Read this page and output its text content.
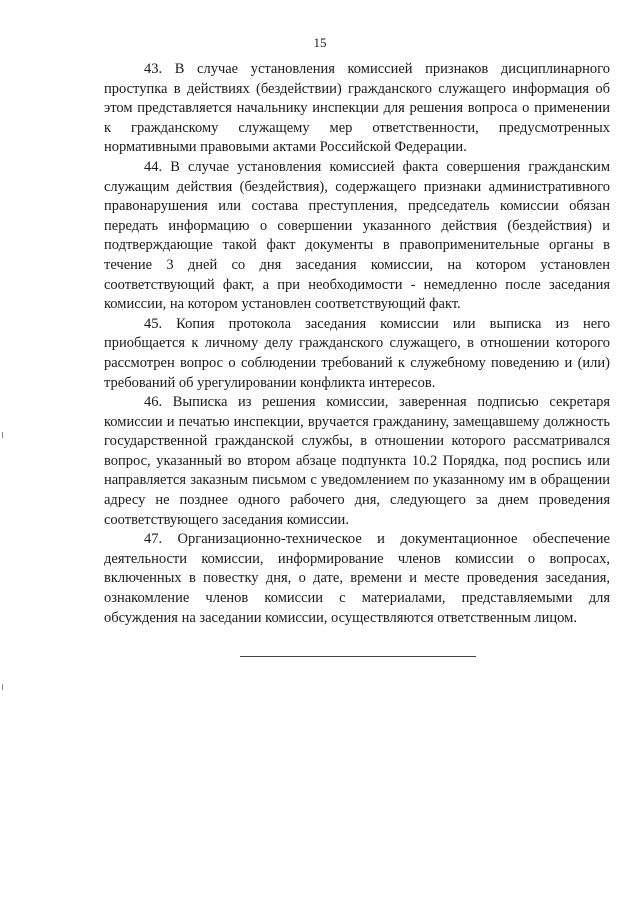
15

43. В случае установления комиссией признаков дисциплинарного проступка в действиях (бездействии) гражданского служащего информация об этом представляется начальнику инспекции для решения вопроса о применении к гражданскому служащему мер ответственности, предусмотренных нормативными правовыми актами Российской Федерации.

44. В случае установления комиссией факта совершения гражданским служащим действия (бездействия), содержащего признаки административного правонарушения или состава преступления, председатель комиссии обязан передать информацию о совершении указанного действия (бездействия) и подтверждающие такой факт документы в правоприменительные органы в течение 3 дней со дня заседания комиссии, на котором установлен соответствующий факт, а при необходимости - немедленно после заседания комиссии, на котором установлен соответствующий факт.

45. Копия протокола заседания комиссии или выписка из него приобщается к личному делу гражданского служащего, в отношении которого рассмотрен вопрос о соблюдении требований к служебному поведению и (или) требований об урегулировании конфликта интересов.

46. Выписка из решения комиссии, заверенная подписью секретаря комиссии и печатью инспекции, вручается гражданину, замещавшему должность государственной гражданской службы, в отношении которого рассматривался вопрос, указанный во втором абзаце подпункта 10.2 Порядка, под роспись или направляется заказным письмом с уведомлением по указанному им в обращении адресу не позднее одного рабочего дня, следующего за днем проведения соответствующего заседания комиссии.

47. Организационно-техническое и документационное обеспечение деятельности комиссии, информирование членов комиссии о вопросах, включенных в повестку дня, о дате, времени и месте проведения заседания, ознакомление членов комиссии с материалами, представляемыми для обсуждения на заседании комиссии, осуществляются ответственным лицом.
